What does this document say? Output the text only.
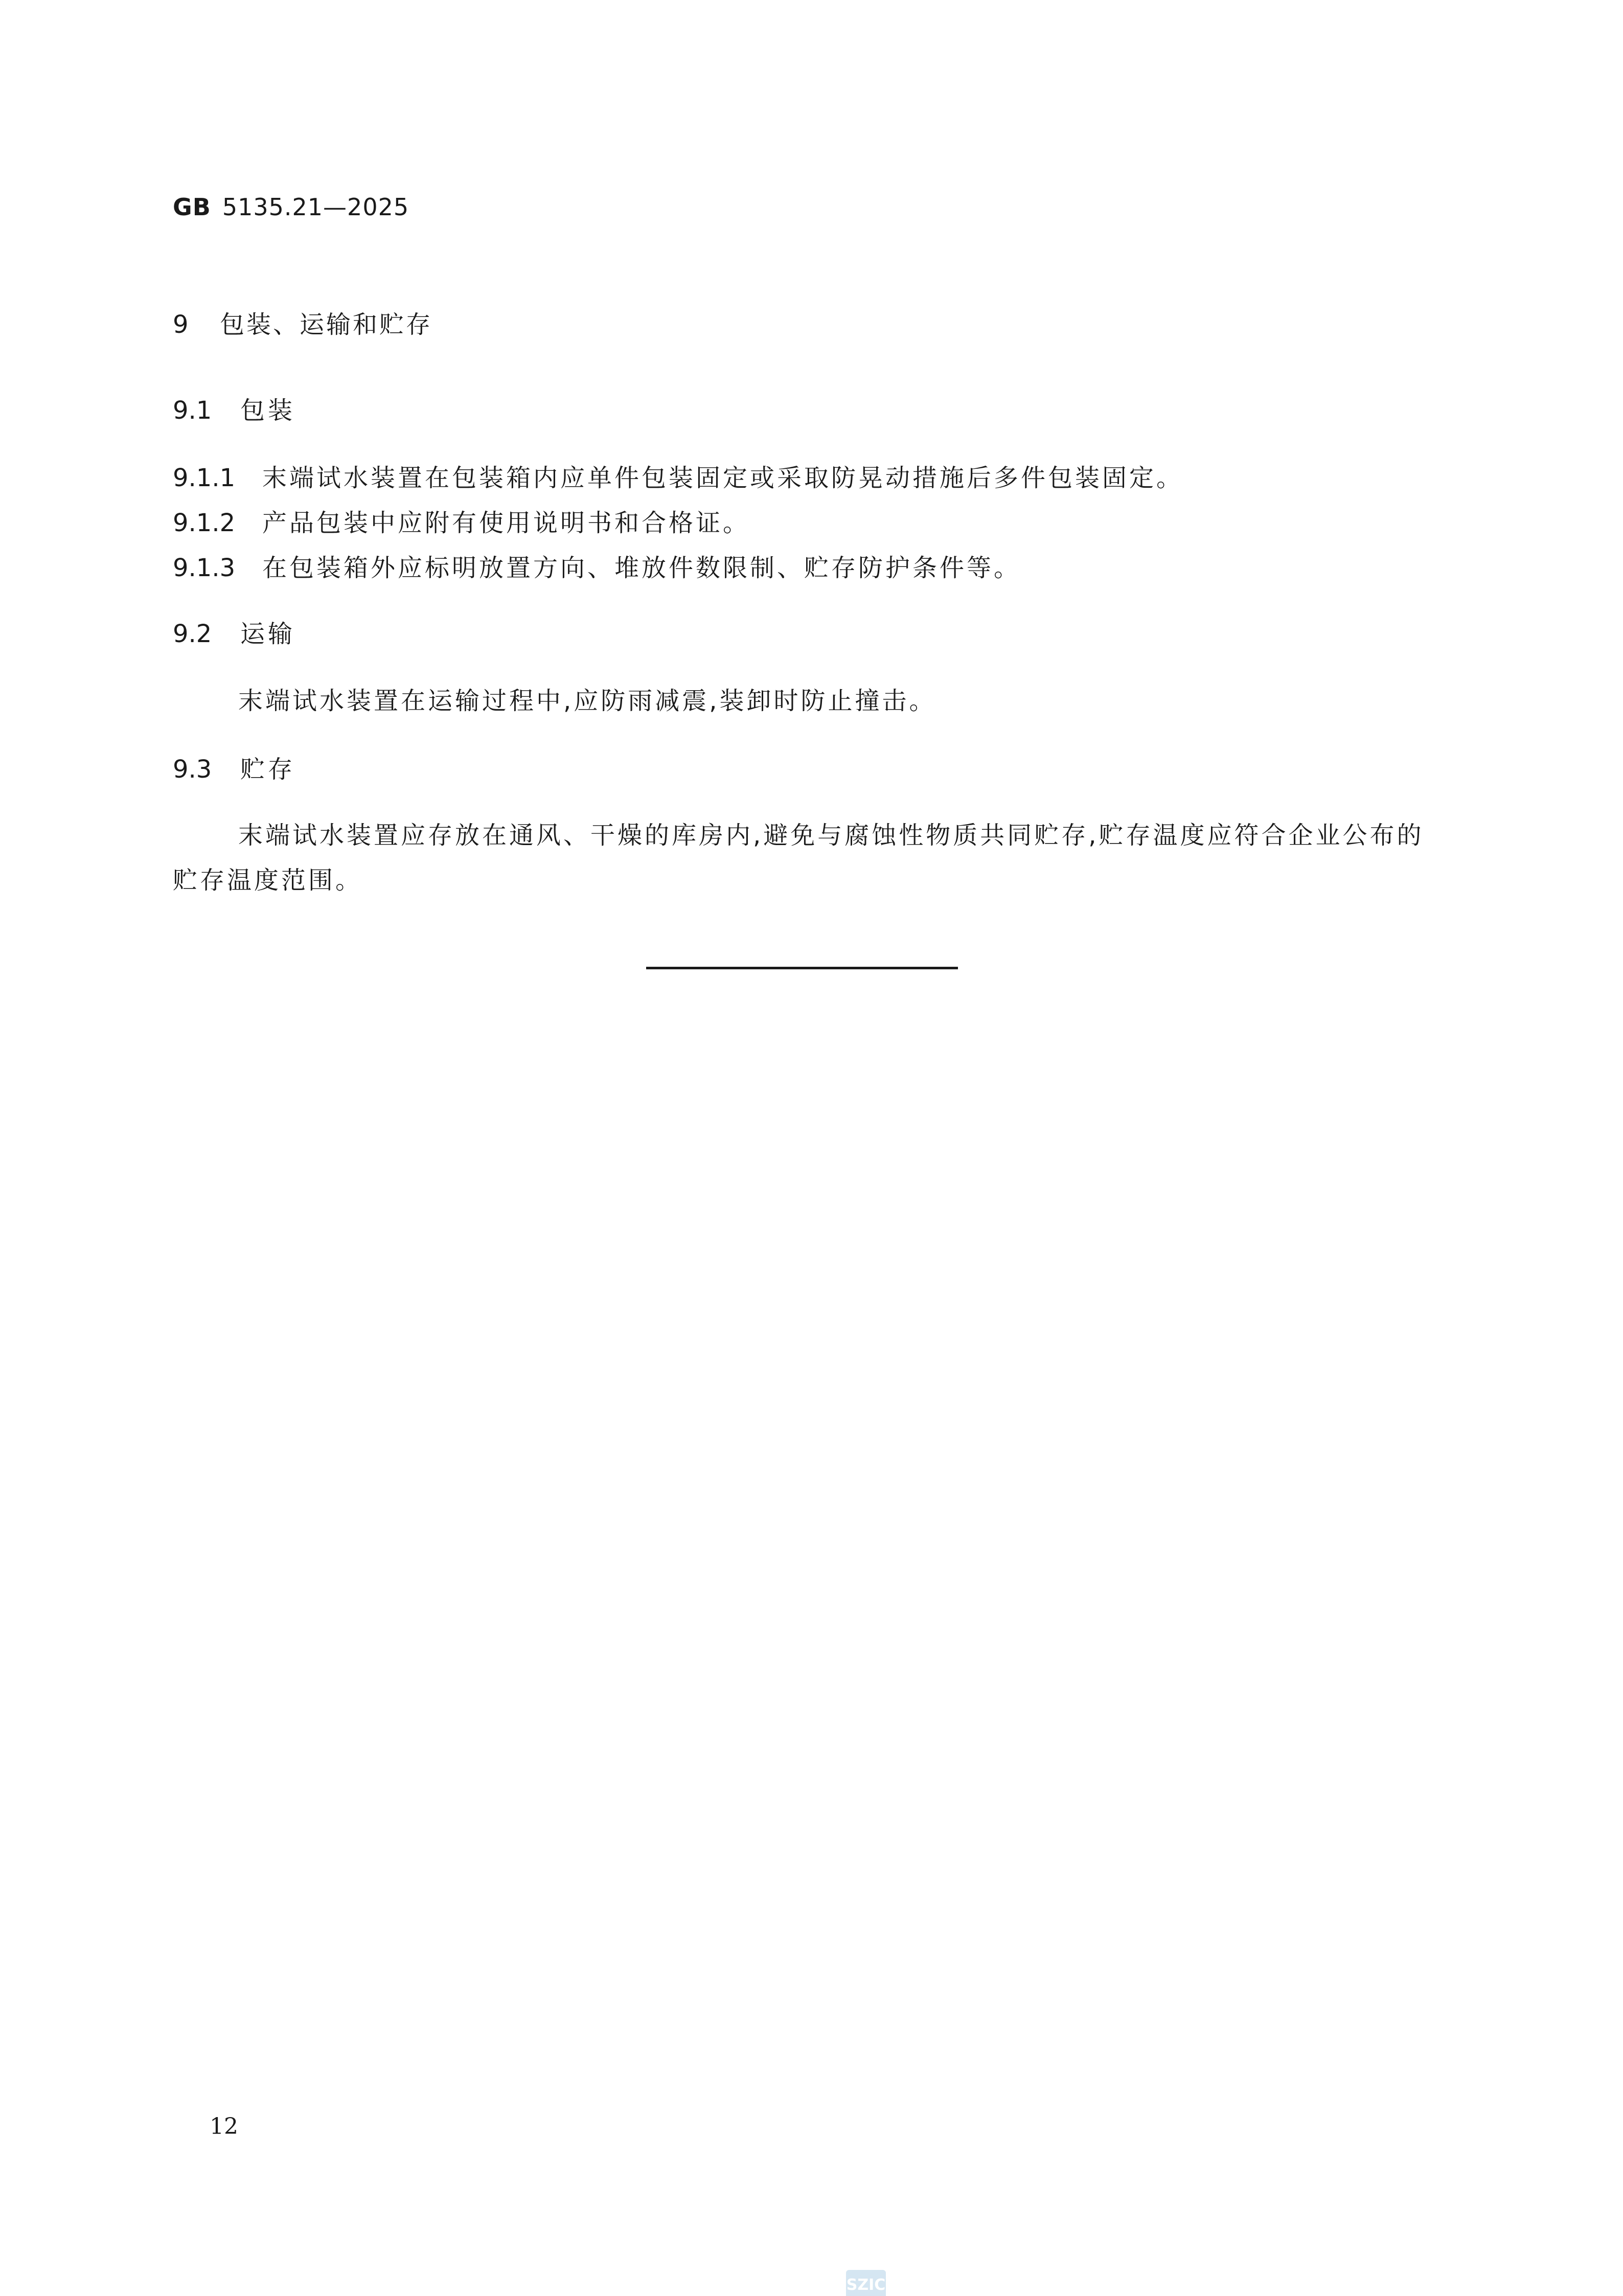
GB 5135.21—2025
9 包装、运输和贮存
9.1 包装
9.1.1 末端试水装置在包装箱内应单件包装固定或采取防晃动措施后多件包装固定。
9.1.2 产品包装中应附有使用说明书和合格证。
9.1.3 在包装箱外应标明放置方向、堆放件数限制、贮存防护条件等。
9.2 运输
末端试水装置在运输过程中,应防雨减震,装卸时防止撞击。
9.3 贮存
末端试水装置应存放在通风、干燥的库房内,避免与腐蚀性物质共同贮存,贮存温度应符合企业公布的贮存温度范围。
12
SZIC
